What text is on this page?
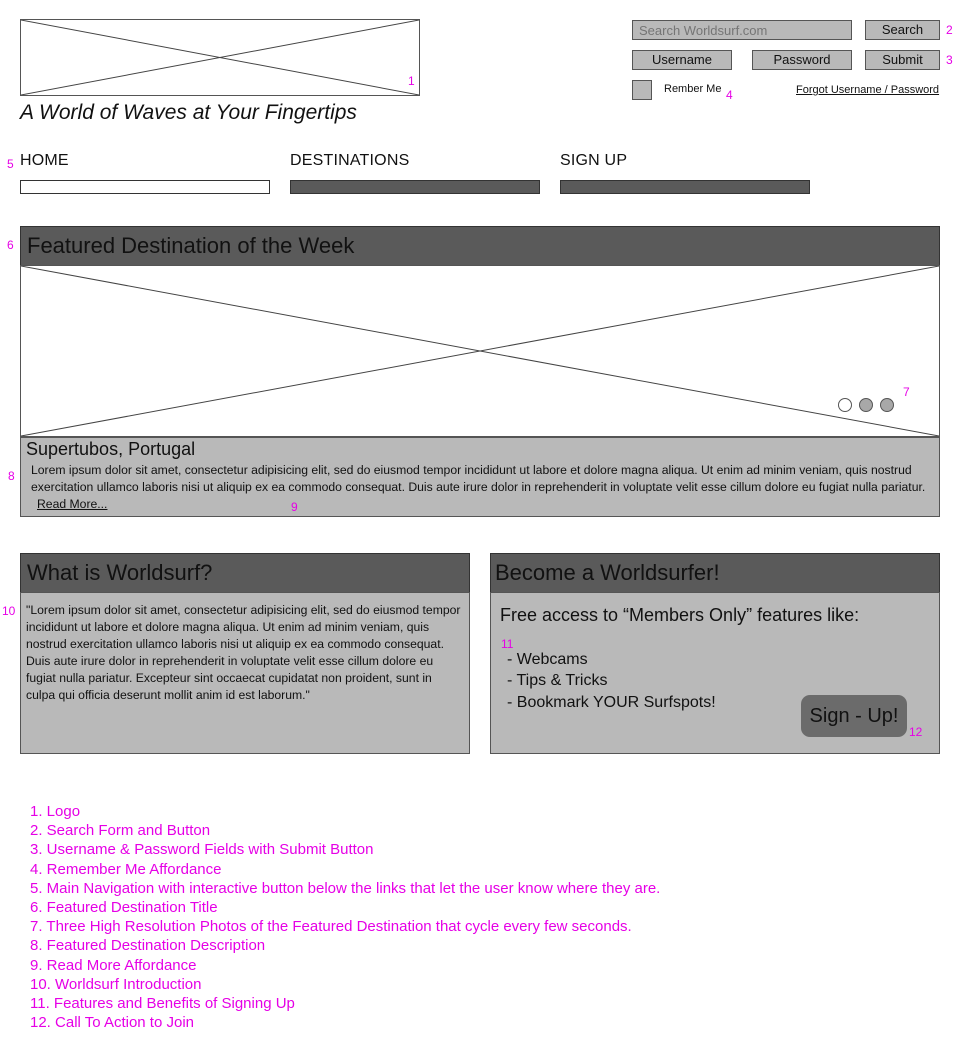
1
A World of Waves at Your Fingertips
Search Worldsurf.com
Search	2
Username	Password	Submit	3
Rember Me 4	Forgot Username / Password
5 HOME	DESTINATIONS	SIGN UP
6 Featured Destination of the Week
7
Supertubos, Portugal
Lorem ipsum dolor sit amet, consectetur adipisicing elit, sed do eiusmod tempor incididunt ut labore et dolore magna aliqua. Ut enim ad minim veniam, quis nostrud exercitation ullamco laboris nisi ut aliquip ex ea commodo consequat. Duis aute irure dolor in reprehenderit in voluptate velit esse cillum dolore eu fugiat nulla pariatur. Read More...
8
9
What is Worldsurf?
"Lorem ipsum dolor sit amet, consectetur adipisicing elit, sed do eiusmod tempor incididunt ut labore et dolore magna aliqua. Ut enim ad minim veniam, quis nostrud exercitation ullamco laboris nisi ut aliquip ex ea commodo consequat. Duis aute irure dolor in reprehenderit in voluptate velit esse cillum dolore eu fugiat nulla pariatur. Excepteur sint occaecat cupidatat non proident, sunt in culpa qui officia deserunt mollit anim id est laborum."
10
Become a Worldsurfer!
Free access to “Members Only” features like:
11
- Webcams
- Tips & Tricks
- Bookmark YOUR Surfspots!
Sign - Up!
12
1. Logo
2. Search Form and Button
3. Username & Password Fields with Submit Button
4. Remember Me Affordance
5. Main Navigation with interactive button below the links that let the user know where they are.
6. Featured Destination Title
7. Three High Resolution Photos of the Featured Destination that cycle every few seconds.
8. Featured Destination Description
9. Read More Affordance
10. Worldsurf Introduction
11. Features and Benefits of Signing Up
12. Call To Action to Join
